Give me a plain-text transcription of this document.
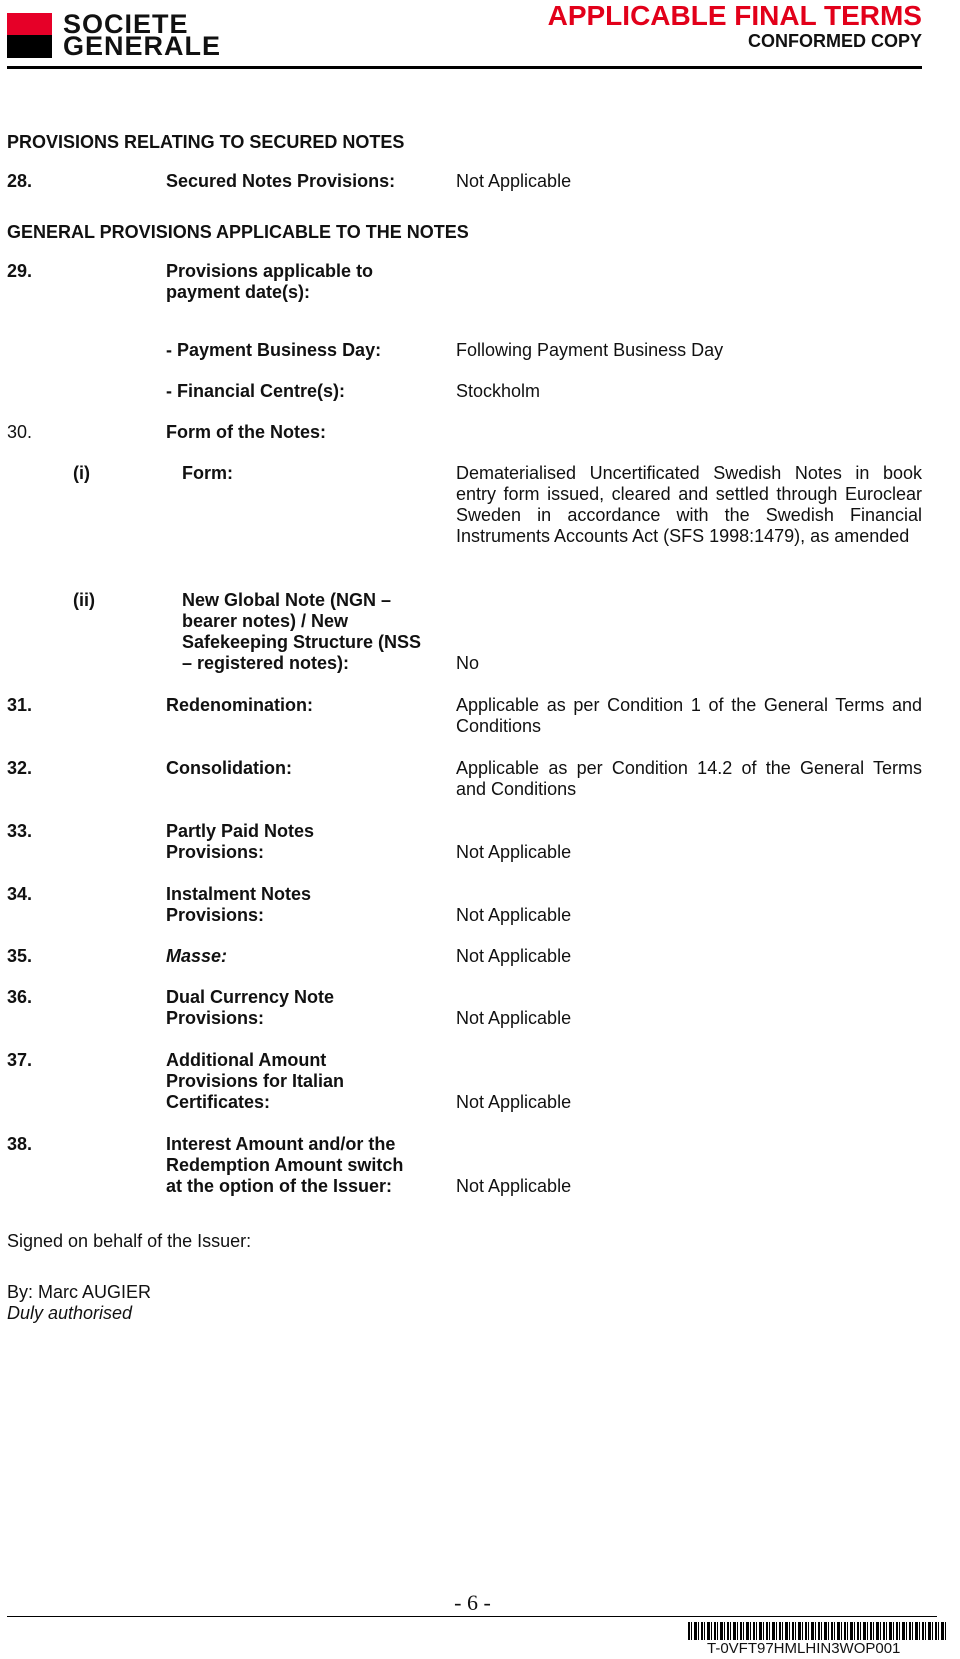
SOCIETE
GENERALE
APPLICABLE FINAL TERMS
CONFORMED COPY
PROVISIONS RELATING TO SECURED NOTES
28.	Secured Notes Provisions:	Not Applicable
GENERAL PROVISIONS APPLICABLE TO THE NOTES
29.	Provisions applicable to payment date(s):
- Payment Business Day:	Following Payment Business Day
- Financial Centre(s):	Stockholm
30.	Form of the Notes:
(i)	Form:	Dematerialised Uncertificated Swedish Notes in book entry form issued, cleared and settled through Euroclear Sweden in accordance with the Swedish Financial Instruments Accounts Act (SFS 1998:1479), as amended
(ii)	New Global Note (NGN – bearer notes) / New Safekeeping Structure (NSS – registered notes):	No
31.	Redenomination:	Applicable as per Condition 1 of the General Terms and Conditions
32.	Consolidation:	Applicable as per Condition 14.2 of the General Terms and Conditions
33.	Partly Paid Notes Provisions:	Not Applicable
34.	Instalment Notes Provisions:	Not Applicable
35.	Masse:	Not Applicable
36.	Dual Currency Note Provisions:	Not Applicable
37.	Additional Amount Provisions for Italian Certificates:	Not Applicable
38.	Interest Amount and/or the Redemption Amount switch at the option of the Issuer:	Not Applicable
Signed on behalf of the Issuer:
By: Marc AUGIER
Duly authorised
- 6 -
T-0VFT97HMLHIN3WOP001
